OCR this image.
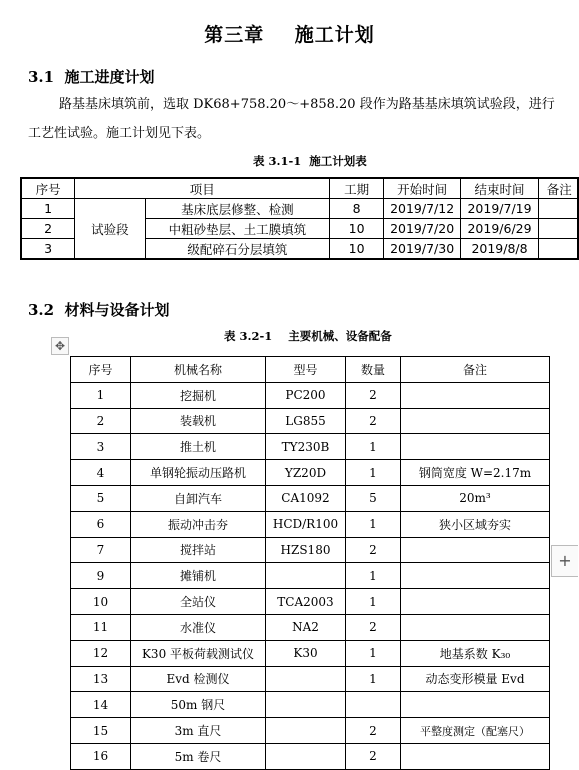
第三章    施工计划
3.1  施工进度计划
路基基床填筑前，选取 DK68+758.20～+858.20 段作为路基基床填筑试验段，进行
工艺性试验。施工计划见下表。
表 3.1-1  施工计划表
序号	项目		工期	开始时间	结束时间	备注
1	试验段	基床底层修整、检测	8	2019/7/12	2019/7/19	
2		中粗砂垫层、土工膜填筑	10	2019/7/20	2019/6/29	
3		级配碎石分层填筑	10	2019/7/30	2019/8/8	
3.2  材料与设备计划
表 3.2-1    主要机械、设备配备
✥
序号	机械名称	型号	数量	备注
1	挖掘机	PC200	2	
2	装载机	LG855	2	
3	推土机	TY230B	1	
4	单钢轮振动压路机	YZ20D	1	钢筒宽度 W=2.17m
5	自卸汽车	CA1092	5	20m³
6	振动冲击夯	HCD/R100	1	狭小区域夯实
7	搅拌站	HZS180	2	
9	摊铺机		1	
10	全站仪	TCA2003	1	
11	水准仪	NA2	2	
12	K30 平板荷载测试仪	K30	1	地基系数 K₃₀
13	Evd 检测仪		1	动态变形模量 Evd
14	50m 钢尺			
15	3m 直尺		2	平整度测定（配塞尺）
16	5m 卷尺		2	
+
